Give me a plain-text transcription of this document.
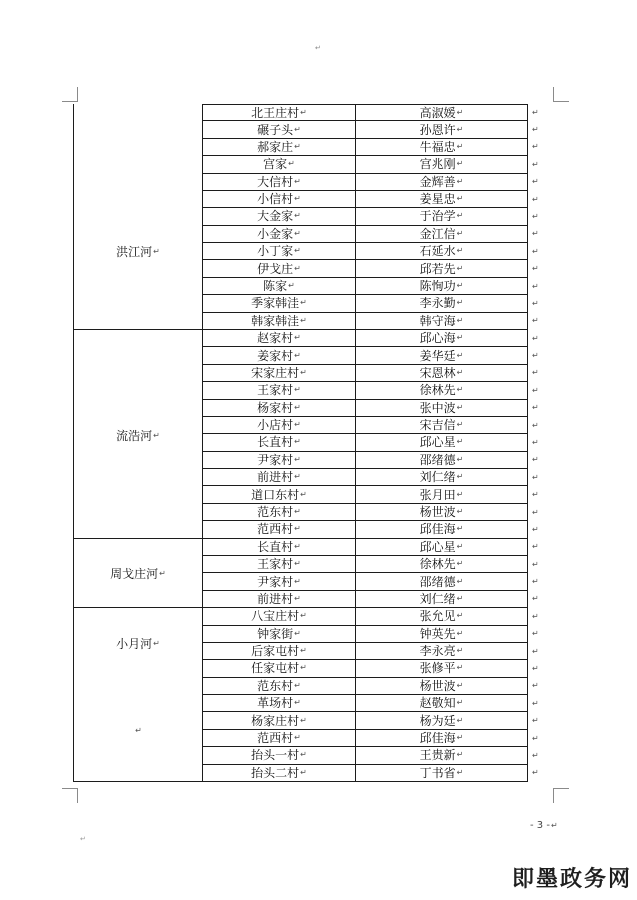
↵
洪江河 ↵
北王庄村 ↵	高淑媛 ↵	↵
碾子头 ↵	孙恩许 ↵	↵
郝家庄 ↵	牛福忠 ↵	↵
宫家 ↵	宫兆刚 ↵	↵
大信村 ↵	金辉善 ↵	↵
小信村 ↵	姜星忠 ↵	↵
大金家 ↵	于治学 ↵	↵
小金家 ↵	金江信 ↵	↵
小丁家 ↵	石延水 ↵	↵
伊戈庄 ↵	邱若先 ↵	↵
陈家 ↵	陈恂功 ↵	↵
季家韩洼 ↵	李永勤 ↵	↵
韩家韩洼 ↵	韩守海 ↵	↵
流浩河 ↵
赵家村 ↵	邱心海 ↵	↵
姜家村 ↵	姜华廷 ↵	↵
宋家庄村 ↵	宋恩林 ↵	↵
王家村 ↵	徐林先 ↵	↵
杨家村 ↵	张中波 ↵	↵
小店村 ↵	宋吉信 ↵	↵
长直村 ↵	邱心星 ↵	↵
尹家村 ↵	邵绪德 ↵	↵
前进村 ↵	刘仁绪 ↵	↵
道口东村 ↵	张月田 ↵	↵
范东村 ↵	杨世波 ↵	↵
范西村 ↵	邱佳海 ↵	↵
周戈庄河 ↵
长直村 ↵	邱心星 ↵	↵
王家村 ↵	徐林先 ↵	↵
尹家村 ↵	邵绪德 ↵	↵
前进村 ↵	刘仁绪 ↵	↵
小月河 ↵
↵
八宝庄村 ↵	张允见 ↵	↵
钟家街 ↵	钟英先 ↵	↵
后家屯村 ↵	李永亮 ↵	↵
任家屯村 ↵	张修平 ↵	↵
范东村 ↵	杨世波 ↵	↵
革场村 ↵	赵敬知 ↵	↵
杨家庄村 ↵	杨为廷 ↵	↵
范西村 ↵	邱佳海 ↵	↵
抬头一村 ↵	王贵新 ↵	↵
抬头二村 ↵	丁书省 ↵	↵
- 3 - ↵
↵
即墨政务网
